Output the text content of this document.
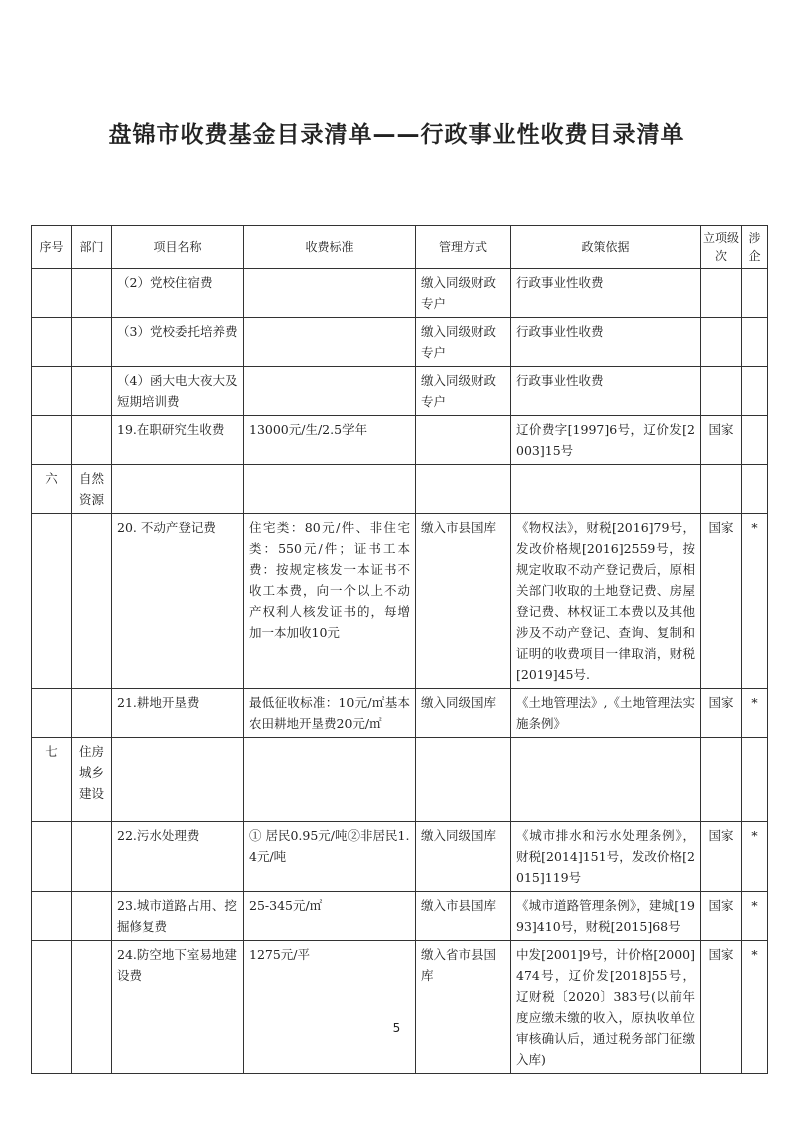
盘锦市收费基金目录清单——行政事业性收费目录清单
序号	部门	项目名称	收费标准	管理方式	政策依据	立项级次	涉企
		（2）党校住宿费		缴入同级财政专户	行政事业性收费		
		（3）党校委托培养费		缴入同级财政专户	行政事业性收费		
		（4）函大电大夜大及短期培训费		缴入同级财政专户	行政事业性收费		
		19.在职研究生收费	13000元/生/2.5学年		辽价费字[1997]6号，辽价发[2003]15号	国家	
六	自然资源						
		20. 不动产登记费	住宅类：80元/件、非住宅类：550元/件；证书工本费：按规定核发一本证书不收工本费，向一个以上不动产权利人核发证书的，每增加一本加收10元	缴入市县国库	《物权法》，财税[2016]79号，发改价格规[2016]2559号，按规定收取不动产登记费后，原相关部门收取的土地登记费、房屋登记费、林权证工本费以及其他涉及不动产登记、查询、复制和证明的收费项目一律取消，财税[2019]45号.	国家	*
		21.耕地开垦费	最低征收标准：10元/㎡基本农田耕地开垦费20元/㎡	缴入同级国库	《土地管理法》,《土地管理法实施条例》	国家	*
七	住房城乡建设						
		22.污水处理费	① 居民0.95元/吨②非居民1.4元/吨	缴入同级国库	《城市排水和污水处理条例》，财税[2014]151号，发改价格[2015]119号	国家	*
		23.城市道路占用、挖掘修复费	25-345元/㎡	缴入市县国库	《城市道路管理条例》，建城[1993]410号，财税[2015]68号	国家	*
		24.防空地下室易地建设费	1275元/平	缴入省市县国库	中发[2001]9号，计价格[2000]474号，辽价发[2018]55号，辽财税〔2020〕383号(以前年度应缴未缴的收入，原执收单位审核确认后，通过税务部门征缴入库)	国家	*
5
